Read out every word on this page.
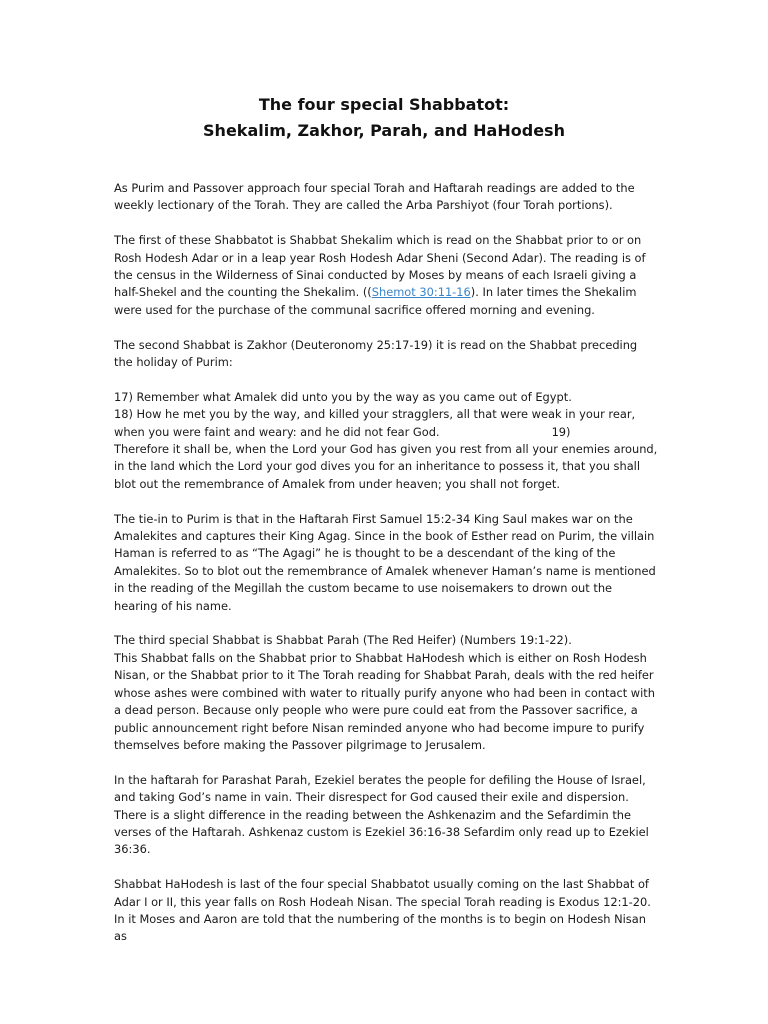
The four special Shabbatot:
Shekalim, Zakhor, Parah, and HaHodesh

As Purim and Passover approach four special Torah and Haftarah readings are added to the weekly lectionary of the Torah. They are called the Arba Parshiyot (four Torah portions).

The first of these Shabbatot is Shabbat Shekalim which is read on the Shabbat prior to or on Rosh Hodesh Adar or in a leap year Rosh Hodesh Adar Sheni (Second Adar). The reading is of the census in the Wilderness of Sinai conducted by Moses by means of each Israeli giving a half-Shekel and the counting the Shekalim. ((Shemot 30:11-16). In later times the Shekalim were used for the purchase of the communal sacrifice offered morning and evening.

The second Shabbat is Zakhor (Deuteronomy 25:17-19) it is read on the Shabbat preceding the holiday of Purim:

17) Remember what Amalek did unto you by the way as you came out of Egypt.
18) How he met you by the way, and killed your stragglers, all that were weak in your rear, when you were faint and weary: and he did not fear God.	19)
Therefore it shall be, when the Lord your God has given you rest from all your enemies around, in the land which the Lord your god dives you for an inheritance to possess it, that you shall blot out the remembrance of Amalek from under heaven; you shall not forget.

The tie-in to Purim is that in the Haftarah First Samuel 15:2-34 King Saul makes war on the Amalekites and captures their King Agag. Since in the book of Esther read on Purim, the villain Haman is referred to as “The Agagi” he is thought to be a descendant of the king of the Amalekites. So to blot out the remembrance of Amalek whenever Haman’s name is mentioned in the reading of the Megillah the custom became to use noisemakers to drown out the hearing of his name.

The third special Shabbat is Shabbat Parah (The Red Heifer) (Numbers 19:1-22).
This Shabbat falls on the Shabbat prior to Shabbat HaHodesh which is either on Rosh Hodesh Nisan, or the Shabbat prior to it The Torah reading for Shabbat Parah, deals with the red heifer whose ashes were combined with water to ritually purify anyone who had been in contact with a dead person. Because only people who were pure could eat from the Passover sacrifice, a public announcement right before Nisan reminded anyone who had become impure to purify themselves before making the Passover pilgrimage to Jerusalem.

In the haftarah for Parashat Parah, Ezekiel berates the people for defiling the House of Israel, and taking God’s name in vain. Their disrespect for God caused their exile and dispersion. There is a slight difference in the reading between the Ashkenazim and the Sefardimin the verses of the Haftarah. Ashkenaz custom is Ezekiel 36:16-38 Sefardim only read up to Ezekiel 36:36.

Shabbat HaHodesh is last of the four special Shabbatot usually coming on the last Shabbat of Adar I or II, this year falls on Rosh Hodeah Nisan. The special Torah reading is Exodus 12:1-20. In it Moses and Aaron are told that the numbering of the months is to begin on Hodesh Nisan as
